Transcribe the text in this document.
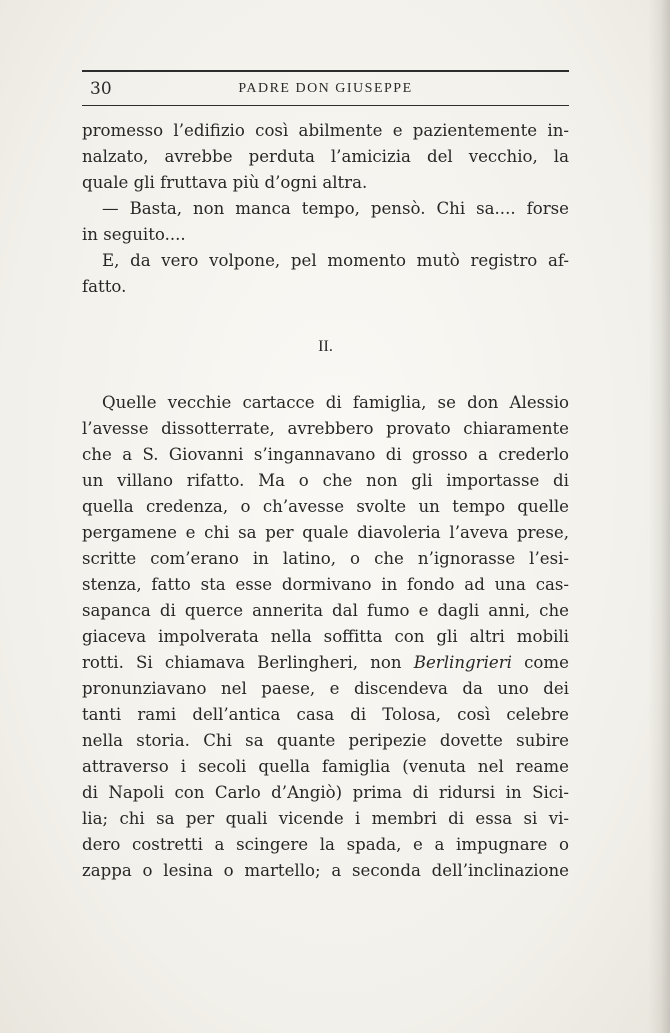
30	PADRE DON GIUSEPPE
promesso l’edifizio così abilmente e pazientemente in-
nalzato, avrebbe perduta l’amicizia del vecchio, la
quale gli fruttava più d’ogni altra.
— Basta, non manca tempo, pensò. Chi sa.... forse
in seguito....
E, da vero volpone, pel momento mutò registro af-
fatto.
II.
Quelle vecchie cartacce di famiglia, se don Alessio
l’avesse dissotterrate, avrebbero provato chiaramente
che a S. Giovanni s’ingannavano di grosso a crederlo
un villano rifatto. Ma o che non gli importasse di
quella credenza, o ch’avesse svolte un tempo quelle
pergamene e chi sa per quale diavoleria l’aveva prese,
scritte com’erano in latino, o che n’ignorasse l’esi-
stenza, fatto sta esse dormivano in fondo ad una cas-
sapanca di querce annerita dal fumo e dagli anni, che
giaceva impolverata nella soffitta con gli altri mobili
rotti. Si chiamava Berlingheri, non Berlingrieri come
pronunziavano nel paese, e discendeva da uno dei
tanti rami dell’antica casa di Tolosa, così celebre
nella storia. Chi sa quante peripezie dovette subire
attraverso i secoli quella famiglia (venuta nel reame
di Napoli con Carlo d’Angiò) prima di ridursi in Sici-
lia; chi sa per quali vicende i membri di essa si vi-
dero costretti a scingere la spada, e a impugnare o
zappa o lesina o martello; a seconda dell’inclinazione
